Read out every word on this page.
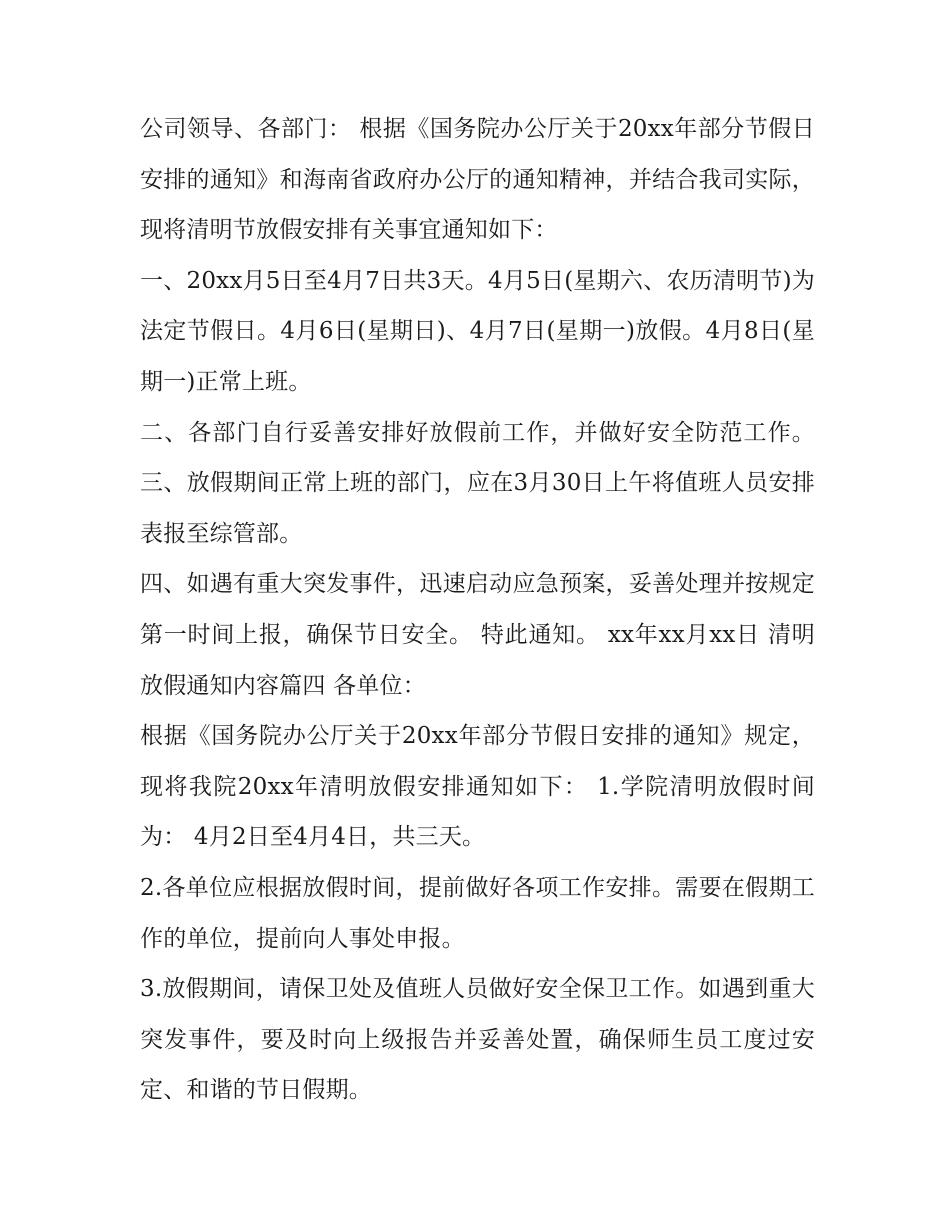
公司领导、各部门： 根据《国务院办公厅关于20xx年部分节假日安排的通知》和海南省政府办公厅的通知精神，并结合我司实际，现将清明节放假安排有关事宜通知如下：

一、20xx月5日至4月7日共3天。4月5日(星期六、农历清明节)为法定节假日。4月6日(星期日)、4月7日(星期一)放假。4月8日(星期一)正常上班。

二、各部门自行妥善安排好放假前工作，并做好安全防范工作。 三、放假期间正常上班的部门，应在3月30日上午将值班人员安排表报至综管部。

四、如遇有重大突发事件，迅速启动应急预案，妥善处理并按规定第一时间上报，确保节日安全。 特此通知。 xx年xx月xx日 清明放假通知内容篇四 各单位：

根据《国务院办公厅关于20xx年部分节假日安排的通知》规定，现将我院20xx年清明放假安排通知如下： 1.学院清明放假时间为： 4月2日至4月4日，共三天。

2.各单位应根据放假时间，提前做好各项工作安排。需要在假期工作的单位，提前向人事处申报。

3.放假期间，请保卫处及值班人员做好安全保卫工作。如遇到重大突发事件，要及时向上级报告并妥善处置，确保师生员工度过安定、和谐的节日假期。
